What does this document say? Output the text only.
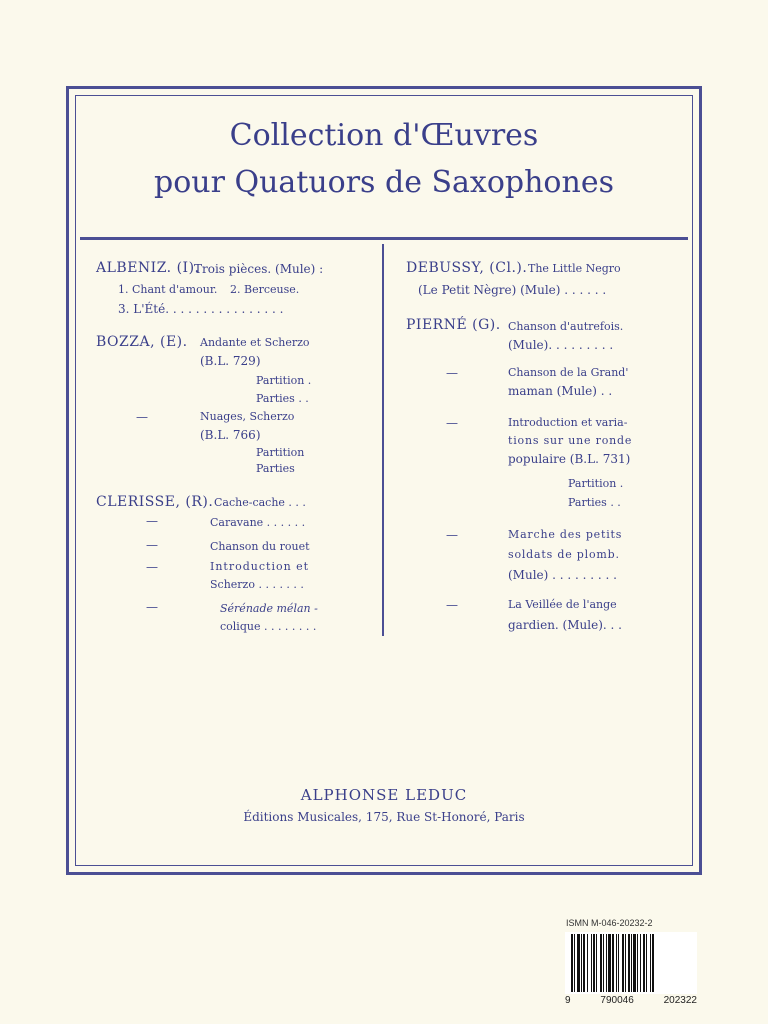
Collection d'Œuvres
pour Quatuors de Saxophones
ALBENIZ. (I).
Trois pièces. (Mule) :
1. Chant d'amour. 2. Berceuse.
3. L'Été. . . . . . . . . . . . . . . .
BOZZA, (E). Andante et Scherzo
(B.L. 729)
Partition .
Parties . .
—	Nuages, Scherzo
(B.L. 766)
Partition
Parties
CLERISSE, (R). Cache-cache . . .
—	Caravane . . . . . .
—	Chanson du rouet
—	Introduction et
Scherzo . . . . . . .
—	Sérénade mélan -
colique . . . . . . . .
DEBUSSY, (Cl.). The Little Negro
(Le Petit Nègre) (Mule) . . . . . .
PIERNÉ (G). Chanson d'autrefois.
(Mule). . . . . . . . .
—	Chanson de la Grand'
maman (Mule) . .
—	Introduction et varia-
tions sur une ronde
populaire (B.L. 731)
Partition .
Parties . .
—	Marche des petits
soldats de plomb.
(Mule) . . . . . . . . .
—	La Veillée de l'ange
gardien. (Mule). . .
ALPHONSE LEDUC
Éditions Musicales, 175, Rue St-Honoré, Paris
ISMN M-046-20232-2
9	790046	202322
